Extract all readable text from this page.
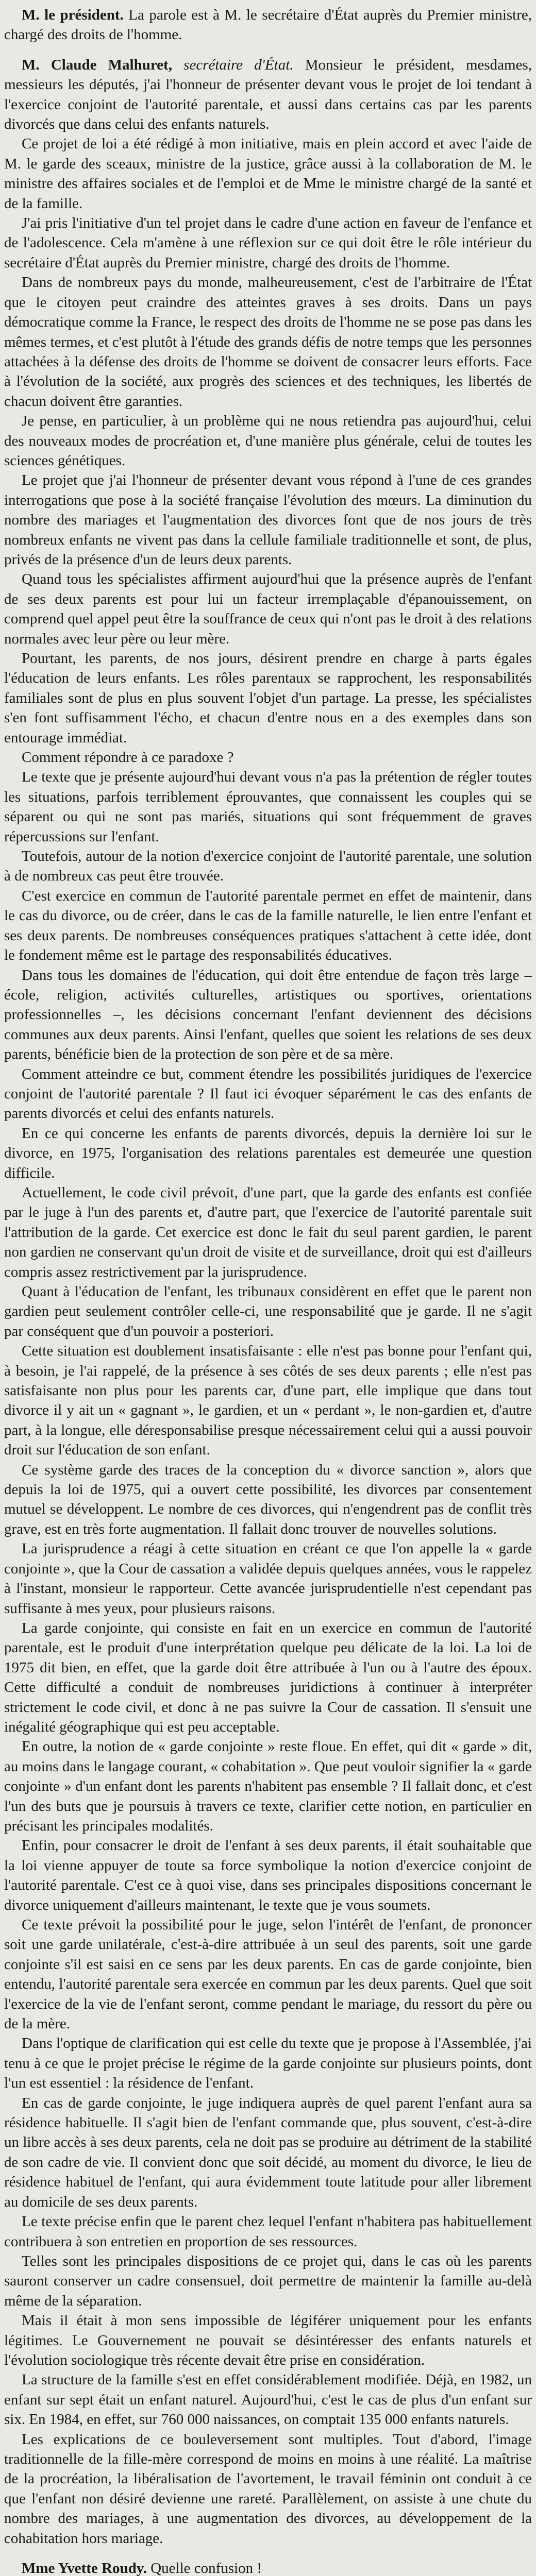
M. le président. La parole est à M. le secrétaire d'État auprès du Premier ministre, chargé des droits de l'homme.

M. Claude Malhuret, secrétaire d'État. Monsieur le président, mesdames, messieurs les députés, j'ai l'honneur de présenter devant vous le projet de loi tendant à l'exercice conjoint de l'autorité parentale, et aussi dans certains cas par les parents divorcés que dans celui des enfants naturels.

Ce projet de loi a été rédigé à mon initiative, mais en plein accord et avec l'aide de M. le garde des sceaux, ministre de la justice, grâce aussi à la collaboration de M. le ministre des affaires sociales et de l'emploi et de Mme le ministre chargé de la santé et de la famille.

J'ai pris l'initiative d'un tel projet dans le cadre d'une action en faveur de l'enfance et de l'adolescence. Cela m'amène à une réflexion sur ce qui doit être le rôle intérieur du secrétaire d'État auprès du Premier ministre, chargé des droits de l'homme.

Dans de nombreux pays du monde, malheureusement, c'est de l'arbitraire de l'État que le citoyen peut craindre des atteintes graves à ses droits. Dans un pays démocratique comme la France, le respect des droits de l'homme ne se pose pas dans les mêmes termes, et c'est plutôt à l'étude des grands défis de notre temps que les personnes attachées à la défense des droits de l'homme se doivent de consacrer leurs efforts. Face à l'évolution de la société, aux progrès des sciences et des techniques, les libertés de chacun doivent être garanties.

Je pense, en particulier, à un problème qui ne nous retiendra pas aujourd'hui, celui des nouveaux modes de procréation et, d'une manière plus générale, celui de toutes les sciences génétiques.

Le projet que j'ai l'honneur de présenter devant vous répond à l'une de ces grandes interrogations que pose à la société française l'évolution des mœurs. La diminution du nombre des mariages et l'augmentation des divorces font que de nos jours de très nombreux enfants ne vivent pas dans la cellule familiale traditionnelle et sont, de plus, privés de la présence d'un de leurs deux parents.

Quand tous les spécialistes affirment aujourd'hui que la présence auprès de l'enfant de ses deux parents est pour lui un facteur irremplaçable d'épanouissement, on comprend quel appel peut être la souffrance de ceux qui n'ont pas le droit à des relations normales avec leur père ou leur mère.

Pourtant, les parents, de nos jours, désirent prendre en charge à parts égales l'éducation de leurs enfants. Les rôles parentaux se rapprochent, les responsabilités familiales sont de plus en plus souvent l'objet d'un partage. La presse, les spécialistes s'en font suffisamment l'écho, et chacun d'entre nous en a des exemples dans son entourage immédiat.

Comment répondre à ce paradoxe ?

Le texte que je présente aujourd'hui devant vous n'a pas la prétention de régler toutes les situations, parfois terriblement éprouvantes, que connaissent les couples qui se séparent ou qui ne sont pas mariés, situations qui sont fréquemment de graves répercussions sur l'enfant.

Toutefois, autour de la notion d'exercice conjoint de l'autorité parentale, une solution à de nombreux cas peut être trouvée.

C'est exercice en commun de l'autorité parentale permet en effet de maintenir, dans le cas du divorce, ou de créer, dans le cas de la famille naturelle, le lien entre l'enfant et ses deux parents. De nombreuses conséquences pratiques s'attachent à cette idée, dont le fondement même est le partage des responsabilités éducatives.

Dans tous les domaines de l'éducation, qui doit être entendue de façon très large – école, religion, activités culturelles, artistiques ou sportives, orientations professionnelles –, les décisions concernant l'enfant deviennent des décisions communes aux deux parents. Ainsi l'enfant, quelles que soient les relations de ses deux parents, bénéficie bien de la protection de son père et de sa mère.

Comment atteindre ce but, comment étendre les possibilités juridiques de l'exercice conjoint de l'autorité parentale ? Il faut ici évoquer séparément le cas des enfants de parents divorcés et celui des enfants naturels.

En ce qui concerne les enfants de parents divorcés, depuis la dernière loi sur le divorce, en 1975, l'organisation des relations parentales est demeurée une question difficile.

Actuellement, le code civil prévoit, d'une part, que la garde des enfants est confiée par le juge à l'un des parents et, d'autre part, que l'exercice de l'autorité parentale suit l'attribution de la garde. Cet exercice est donc le fait du seul parent gardien, le parent non gardien ne conservant qu'un droit de visite et de surveillance, droit qui est d'ailleurs compris assez restrictivement par la jurisprudence.

Quant à l'éducation de l'enfant, les tribunaux considèrent en effet que le parent non gardien peut seulement contrôler celle-ci, une responsabilité que je garde. Il ne s'agit par conséquent que d'un pouvoir a posteriori.

Cette situation est doublement insatisfaisante : elle n'est pas bonne pour l'enfant qui, à besoin, je l'ai rappelé, de la présence à ses côtés de ses deux parents ; elle n'est pas satisfaisante non plus pour les parents car, d'une part, elle implique que dans tout divorce il y ait un « gagnant », le gardien, et un « perdant », le non-gardien et, d'autre part, à la longue, elle déresponsabilise presque nécessairement celui qui a aussi pouvoir droit sur l'éducation de son enfant.

Ce système garde des traces de la conception du « divorce sanction », alors que depuis la loi de 1975, qui a ouvert cette possibilité, les divorces par consentement mutuel se développent. Le nombre de ces divorces, qui n'engendrent pas de conflit très grave, est en très forte augmentation. Il fallait donc trouver de nouvelles solutions.

La jurisprudence a réagi à cette situation en créant ce que l'on appelle la « garde conjointe », que la Cour de cassation a validée depuis quelques années, vous le rappelez à l'instant, monsieur le rapporteur. Cette avancée jurisprudentielle n'est cependant pas suffisante à mes yeux, pour plusieurs raisons.

La garde conjointe, qui consiste en fait en un exercice en commun de l'autorité parentale, est le produit d'une interprétation quelque peu délicate de la loi. La loi de 1975 dit bien, en effet, que la garde doit être attribuée à l'un ou à l'autre des époux. Cette difficulté a conduit de nombreuses juridictions à continuer à interpréter strictement le code civil, et donc à ne pas suivre la Cour de cassation. Il s'ensuit une inégalité géographique qui est peu acceptable.

En outre, la notion de « garde conjointe » reste floue. En effet, qui dit « garde » dit, au moins dans le langage courant, « cohabitation ». Que peut vouloir signifier la « garde conjointe » d'un enfant dont les parents n'habitent pas ensemble ? Il fallait donc, et c'est l'un des buts que je poursuis à travers ce texte, clarifier cette notion, en particulier en précisant les principales modalités.

Enfin, pour consacrer le droit de l'enfant à ses deux parents, il était souhaitable que la loi vienne appuyer de toute sa force symbolique la notion d'exercice conjoint de l'autorité parentale. C'est ce à quoi vise, dans ses principales dispositions concernant le divorce uniquement d'ailleurs maintenant, le texte que je vous soumets.

Ce texte prévoit la possibilité pour le juge, selon l'intérêt de l'enfant, de prononcer soit une garde unilatérale, c'est-à-dire attribuée à un seul des parents, soit une garde conjointe s'il est saisi en ce sens par les deux parents. En cas de garde conjointe, bien entendu, l'autorité parentale sera exercée en commun par les deux parents. Quel que soit l'exercice de la vie de l'enfant seront, comme pendant le mariage, du ressort du père ou de la mère.

Dans l'optique de clarification qui est celle du texte que je propose à l'Assemblée, j'ai tenu à ce que le projet précise le régime de la garde conjointe sur plusieurs points, dont l'un est essentiel : la résidence de l'enfant.

En cas de garde conjointe, le juge indiquera auprès de quel parent l'enfant aura sa résidence habituelle. Il s'agit bien de l'enfant commande que, plus souvent, c'est-à-dire un libre accès à ses deux parents, cela ne doit pas se produire au détriment de la stabilité de son cadre de vie. Il convient donc que soit décidé, au moment du divorce, le lieu de résidence habituel de l'enfant, qui aura évidemment toute latitude pour aller librement au domicile de ses deux parents.

Le texte précise enfin que le parent chez lequel l'enfant n'habitera pas habituellement contribuera à son entretien en proportion de ses ressources.

Telles sont les principales dispositions de ce projet qui, dans le cas où les parents sauront conserver un cadre consensuel, doit permettre de maintenir la famille au-delà même de la séparation.

Mais il était à mon sens impossible de légiférer uniquement pour les enfants légitimes. Le Gouvernement ne pouvait se désintéresser des enfants naturels et l'évolution sociologique très récente devait être prise en considération.

La structure de la famille s'est en effet considérablement modifiée. Déjà, en 1982, un enfant sur sept était un enfant naturel. Aujourd'hui, c'est le cas de plus d'un enfant sur six. En 1984, en effet, sur 760 000 naissances, on comptait 135 000 enfants naturels.

Les explications de ce bouleversement sont multiples. Tout d'abord, l'image traditionnelle de la fille-mère correspond de moins en moins à une réalité. La maîtrise de la procréation, la libéralisation de l'avortement, le travail féminin ont conduit à ce que l'enfant non désiré devienne une rareté. Parallèlement, on assiste à une chute du nombre des mariages, à une augmentation des divorces, au développement de la cohabitation hors mariage.

Mme Yvette Roudy. Quelle confusion !
